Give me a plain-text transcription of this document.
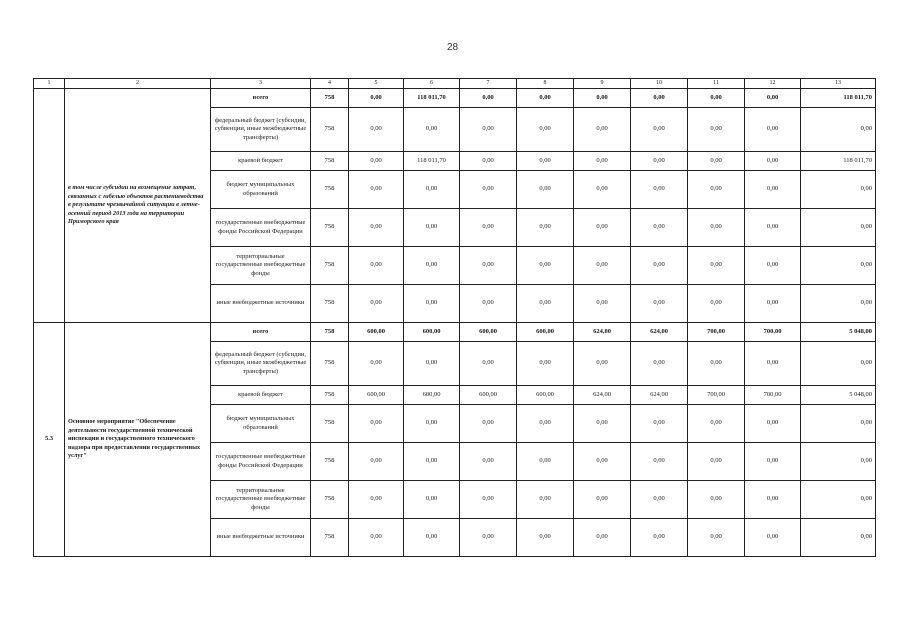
28
1	2	3	4	5	6	7	8	9	10	11	12	13
	в том числе субсидии на возмещение затрат, связанных с гибелью объектов растениеводства в результате чрезвычайной ситуации в летне-осенний период 2013 года на территории Приморского края	всего	758	0,00	118 011,70	0,00	0,00	0,00	0,00	0,00	0,00	118 011,70
		федеральный бюджет (субсидии, субвенции, иные межбюджетные трансферты)	758	0,00	0,00	0,00	0,00	0,00	0,00	0,00	0,00	0,00
		краевой бюджет	758	0,00	118 011,70	0,00	0,00	0,00	0,00	0,00	0,00	118 011,70
		бюджет муниципальных образований	758	0,00	0,00	0,00	0,00	0,00	0,00	0,00	0,00	0,00
		государственные внебюджетные фонды Российской Федерации	758	0,00	0,00	0,00	0,00	0,00	0,00	0,00	0,00	0,00
		территориальные государственные внебюджетные фонды	758	0,00	0,00	0,00	0,00	0,00	0,00	0,00	0,00	0,00
		иные внебюджетные источники	758	0,00	0,00	0,00	0,00	0,00	0,00	0,00	0,00	0,00
5.3	Основное мероприятие "Обеспечение деятельности государственной технической инспекции и государственного технического надзора при предоставлении государственных услуг"	всего	758	600,00	600,00	600,00	600,00	624,00	624,00	700,00	700,00	5 048,00
		федеральный бюджет (субсидии, субвенции, иные межбюджетные трансферты)	758	0,00	0,00	0,00	0,00	0,00	0,00	0,00	0,00	0,00
		краевой бюджет	758	600,00	600,00	600,00	600,00	624,00	624,00	700,00	700,00	5 048,00
		бюджет муниципальных образований	758	0,00	0,00	0,00	0,00	0,00	0,00	0,00	0,00	0,00
		государственные внебюджетные фонды Российской Федерации	758	0,00	0,00	0,00	0,00	0,00	0,00	0,00	0,00	0,00
		территориальные государственные внебюджетные фонды	758	0,00	0,00	0,00	0,00	0,00	0,00	0,00	0,00	0,00
		иные внебюджетные источники	758	0,00	0,00	0,00	0,00	0,00	0,00	0,00	0,00	0,00
